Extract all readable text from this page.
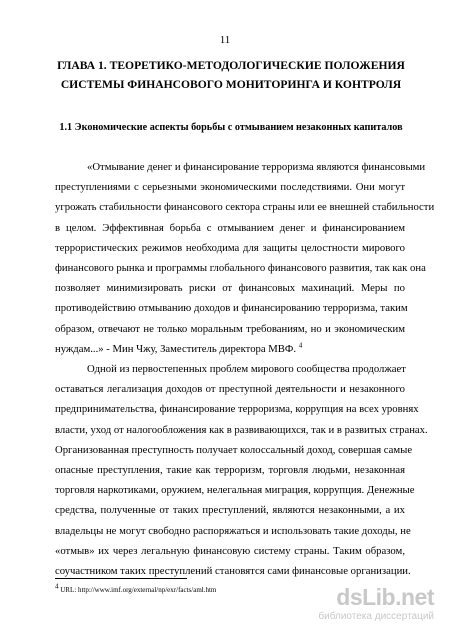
11
ГЛАВА 1. ТЕОРЕТИКО-МЕТОДОЛОГИЧЕСКИЕ ПОЛОЖЕНИЯ
СИСТЕМЫ ФИНАНСОВОГО МОНИТОРИНГА И КОНТРОЛЯ
1.1 Экономические аспекты борьбы с отмыванием незаконных капиталов
«Отмывание денег и финансирование терроризма являются финансовыми
преступлениями с серьезными экономическими последствиями. Они могут
угрожать стабильности финансового сектора страны или ее внешней стабильности
в целом. Эффективная борьба с отмыванием денег и финансированием
террористических режимов необходима для защиты целостности мирового
финансового рынка и программы глобального финансового развития, так как она
позволяет минимизировать риски от финансовых махинаций. Меры по
противодействию отмыванию доходов и финансированию терроризма, таким
образом, отвечают не только моральным требованиям, но и экономическим
нуждам...» - Мин Чжу, Заместитель директора МВФ. $^4$
Одной из первостепенных проблем мирового сообщества продолжает
оставаться легализация доходов от преступной деятельности и незаконного
предпринимательства, финансирование терроризма, коррупция на всех уровнях
власти, уход от налогообложения как в развивающихся, так и в развитых странах.
Организованная преступность получает колоссальный доход, совершая самые
опасные преступления, такие как терроризм, торговля людьми, незаконная
торговля наркотиками, оружием, нелегальная миграция, коррупция. Денежные
средства, полученные от таких преступлений, являются незаконными, а их
владельцы не могут свободно распоряжаться и использовать такие доходы, не
«отмыв» их через легальную финансовую систему страны. Таким образом,
соучастником таких преступлений становятся сами финансовые организации.
4 URL: http://www.imf.org/external/np/exr/facts/aml.htm	dsLib.net
библиотека диссертаций
